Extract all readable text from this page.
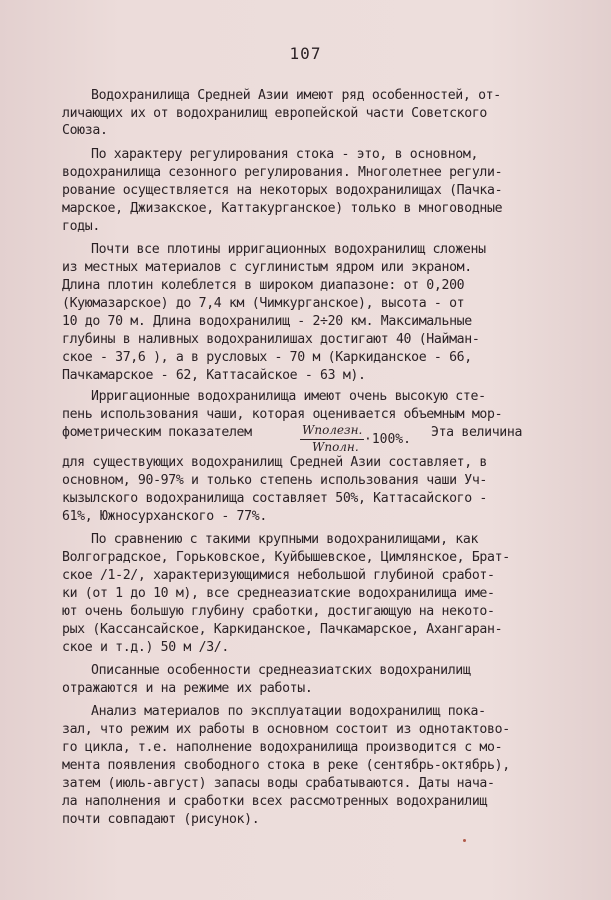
107
Водохранилища Средней Азии имеют ряд особенностей, от-
личающих их от водохранилищ европейской части Советского
Союза.
По характеру регулирования стока - это, в основном,
водохранилища сезонного регулирования. Многолетнее регули-
рование осуществляется на некоторых водохранилищах (Пачка-
марское, Джизакское, Каттакурганское) только в многоводные
годы.
Почти все плотины ирригационных водохранилищ сложены
из местных материалов с суглинистым ядром или экраном.
Длина плотин колеблется в широком диапазоне: от 0,200
(Куюмазарское) до 7,4 км (Чимкурганское), высота - от
10 до 70 м. Длина водохранилищ - 2÷20 км. Максимальные
глубины в наливных водохранилишах достигают 40 (Найман-
ское - 37,6 ), а в русловых - 70 м (Каркиданское - 66,
Пачкамарское - 62, Каттасайское - 63 м).
Ирригационные водохранилища имеют очень высокую сте-
пень использования чаши, которая оценивается объемным мор-
фометрическим показателем	Wполезн.
Wполн. ·100%. Эта величина
для существующих водохранилищ Средней Азии составляет, в
основном, 90-97% и только степень использования чаши Уч-
кызылского водохранилища составляет 50%, Каттасайского -
61%, Южносурханского - 77%.
По сравнению с такими крупными водохранилищами, как
Волгоградское, Горьковское, Куйбышевское, Цимлянское, Брат-
ское /1-2/, характеризующимися небольшой глубиной сработ-
ки (от 1 до 10 м), все среднеазиатские водохранилища име-
ют очень большую глубину сработки, достигающую на некото-
рых (Кассансайское, Каркиданское, Пачкамарское, Ахангаран-
ское и т.д.) 50 м /3/.
Описанные особенности среднеазиатских водохранилищ
отражаются и на режиме их работы.
Анализ материалов по эксплуатации водохранилищ пока-
зал, что режим их работы в основном состоит из однотактово-
го цикла, т.е. наполнение водохранилища производится с мо-
мента появления свободного стока в реке (сентябрь-октябрь),
затем (июль-август) запасы воды срабатываются. Даты нача-
ла наполнения и сработки всех рассмотренных водохранилищ
почти совпадают (рисунок).
